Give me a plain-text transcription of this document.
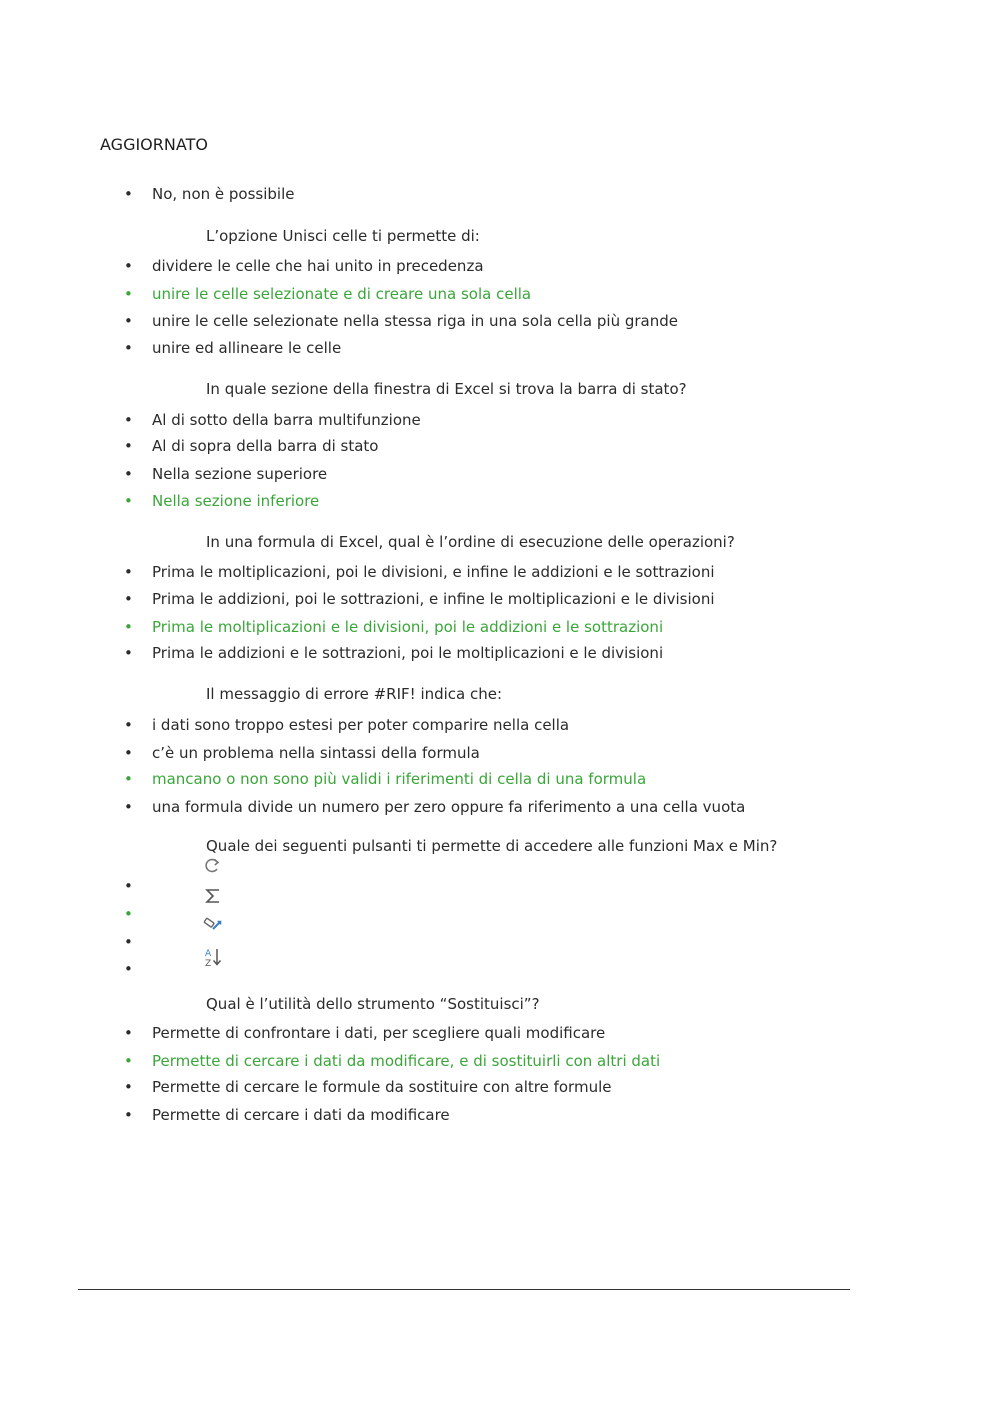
AGGIORNATO
• No, non è possibile
L’opzione Unisci celle ti permette di:
• dividere le celle che hai unito in precedenza
• unire le celle selezionate e di creare una sola cella
• unire le celle selezionate nella stessa riga in una sola cella più grande
• unire ed allineare le celle
In quale sezione della finestra di Excel si trova la barra di stato?
• Al di sotto della barra multifunzione
• Al di sopra della barra di stato
• Nella sezione superiore
• Nella sezione inferiore
In una formula di Excel, qual è l’ordine di esecuzione delle operazioni?
• Prima le moltiplicazioni, poi le divisioni, e infine le addizioni e le sottrazioni
• Prima le addizioni, poi le sottrazioni, e infine le moltiplicazioni e le divisioni
• Prima le moltiplicazioni e le divisioni, poi le addizioni e le sottrazioni
• Prima le addizioni e le sottrazioni, poi le moltiplicazioni e le divisioni
Il messaggio di errore #RIF! indica che:
• i dati sono troppo estesi per poter comparire nella cella
• c’è un problema nella sintassi della formula
• mancano o non sono più validi i riferimenti di cella di una formula
• una formula divide un numero per zero oppure fa riferimento a una cella vuota
Quale dei seguenti pulsanti ti permette di accedere alle funzioni Max e Min?
A
Z
•
•
•
•
Qual è l’utilità dello strumento “Sostituisci”?
• Permette di confrontare i dati, per scegliere quali modificare
• Permette di cercare i dati da modificare, e di sostituirli con altri dati
• Permette di cercare le formule da sostituire con altre formule
• Permette di cercare i dati da modificare
